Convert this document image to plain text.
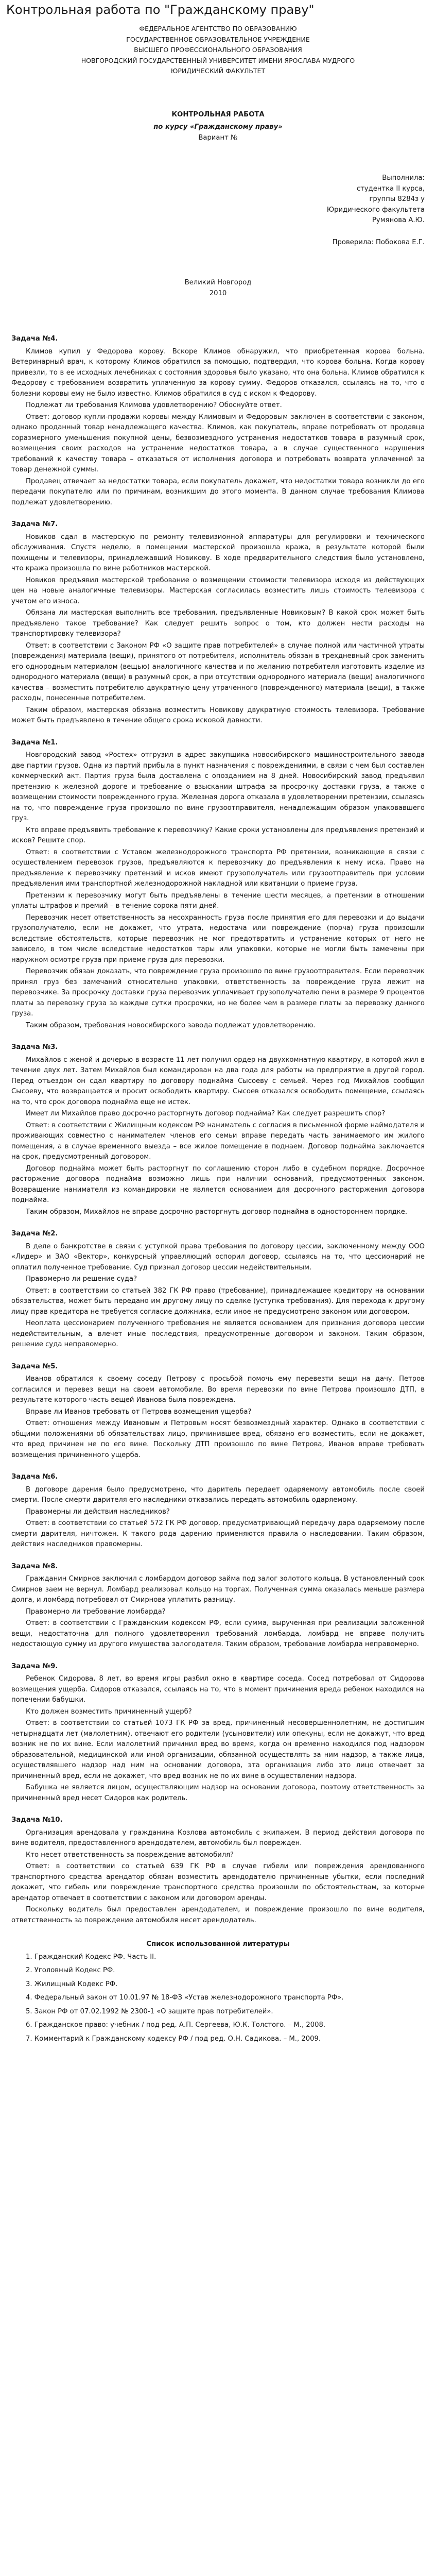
Контрольная работа по "Гражданскому праву"

ФЕДЕРАЛЬНОЕ АГЕНТСТВО ПО ОБРАЗОВАНИЮ

ГОСУДАРСТВЕННОЕ ОБРАЗОВАТЕЛЬНОЕ УЧРЕЖДЕНИЕ

ВЫСШЕГО ПРОФЕССИОНАЛЬНОГО ОБРАЗОВАНИЯ

НОВГОРОДСКИЙ ГОСУДАРСТВЕННЫЙ УНИВЕРСИТЕТ ИМЕНИ ЯРОСЛАВА МУДРОГО

ЮРИДИЧЕСКИЙ ФАКУЛЬТЕТ

КОНТРОЛЬНАЯ РАБОТА

по курсу «Гражданскому праву»

Вариант №

Выполнила:

студентка II курса,

группы 8284з у

Юридического факультета

Румянова А.Ю.

Проверила: Побокова Е.Г.

Великий Новгород

2010

Задача №4.

Климов купил у Федорова корову. Вскоре Климов обнаружил, что приобретенная корова больна. Ветеринарный врач, к которому Климов обратился за помощью, подтвердил, что корова больна. Когда корову привезли, то в ее исходных лечебниках с состояния здоровья было указано, что она больна. Климов обратился к Федорову с требованием возвратить уплаченную за корову сумму. Федоров отказался, ссылаясь на то, что о болезни коровы ему не было известно. Климов обратился в суд с иском к Федорову.

Подлежат ли требования Климова удовлетворению? Обоснуйте ответ.

Ответ: договор купли-продажи коровы между Климовым и Федоровым заключен в соответствии с законом, однако проданный товар ненадлежащего качества. Климов, как покупатель, вправе потребовать от продавца соразмерного уменьшения покупной цены, безвозмездного устранения недостатков товара в разумный срок, возмещения своих расходов на устранение недостатков товара, а в случае существенного нарушения требований к качеству товара – отказаться от исполнения договора и потребовать возврата уплаченной за товар денежной суммы.

Продавец отвечает за недостатки товара, если покупатель докажет, что недостатки товара возникли до его передачи покупателю или по причинам, возникшим до этого момента. В данном случае требования Климова подлежат удовлетворению.

Задача №7.

Новиков сдал в мастерскую по ремонту телевизионной аппаратуры для регулировки и технического обслуживания. Спустя неделю, в помещении мастерской произошла кража, в результате которой были похищены и телевизоры, принадлежавший Новикову. В ходе предварительного следствия было установлено, что кража произошла по вине работников мастерской.

Новиков предъявил мастерской требование о возмещении стоимости телевизора исходя из действующих цен на новые аналогичные телевизоры. Мастерская согласилась возместить лишь стоимость телевизора с учетом его износа.

Обязана ли мастерская выполнить все требования, предъявленные Новиковым? В какой срок может быть предъявлено такое требование? Как следует решить вопрос о том, кто должен нести расходы на транспортировку телевизора?

Ответ: в соответствии с Законом РФ «О защите прав потребителей» в случае полной или частичной утраты (повреждения) материала (вещи), принятого от потребителя, исполнитель обязан в трехдневный срок заменить его однородным материалом (вещью) аналогичного качества и по желанию потребителя изготовить изделие из однородного материала (вещи) в разумный срок, а при отсутствии однородного материала (вещи) аналогичного качества – возместить потребителю двукратную цену утраченного (поврежденного) материала (вещи), а также расходы, понесенные потребителем.

Таким образом, мастерская обязана возместить Новикову двукратную стоимость телевизора. Требование может быть предъявлено в течение общего срока исковой давности.

Задача №1.

Новгородский завод «Ростех» отгрузил в адрес закупщика новосибирского машиностроительного завода две партии грузов. Одна из партий прибыла в пункт назначения с повреждениями, в связи с чем был составлен коммерческий акт. Партия груза была доставлена с опозданием на 8 дней. Новосибирский завод предъявил претензию к железной дороге и требование о взыскании штрафа за просрочку доставки груза, а также о возмещении стоимости поврежденного груза. Железная дорога отказала в удовлетворении претензии, ссылаясь на то, что повреждение груза произошло по вине грузоотправителя, ненадлежащим образом упаковавшего груз.

Кто вправе предъявить требование к перевозчику? Какие сроки установлены для предъявления претензий и исков? Решите спор.

Ответ: в соответствии с Уставом железнодорожного транспорта РФ претензии, возникающие в связи с осуществлением перевозок грузов, предъявляются к перевозчику до предъявления к нему иска. Право на предъявление к перевозчику претензий и исков имеют грузополучатель или грузоотправитель при условии предъявления ими транспортной железнодорожной накладной или квитанции о приеме груза.

Претензии к перевозчику могут быть предъявлены в течение шести месяцев, а претензии в отношении уплаты штрафов и премий – в течение сорока пяти дней.

Перевозчик несет ответственность за несохранность груза после принятия его для перевозки и до выдачи грузополучателю, если не докажет, что утрата, недостача или повреждение (порча) груза произошли вследствие обстоятельств, которые перевозчик не мог предотвратить и устранение которых от него не зависело, в том числе вследствие недостатков тары или упаковки, которые не могли быть замечены при наружном осмотре груза при приеме груза для перевозки.

Перевозчик обязан доказать, что повреждение груза произошло по вине грузоотправителя. Если перевозчик принял груз без замечаний относительно упаковки, ответственность за повреждение груза лежит на перевозчике. За просрочку доставки груза перевозчик уплачивает грузополучателю пени в размере 9 процентов платы за перевозку груза за каждые сутки просрочки, но не более чем в размере платы за перевозку данного груза.

Таким образом, требования новосибирского завода подлежат удовлетворению.

Задача №3.

Михайлов с женой и дочерью в возрасте 11 лет получил ордер на двухкомнатную квартиру, в которой жил в течение двух лет. Затем Михайлов был командирован на два года для работы на предприятие в другой город. Перед отъездом он сдал квартиру по договору поднайма Сысоеву с семьей. Через год Михайлов сообщил Сысоеву, что возвращается и просит освободить квартиру. Сысоев отказался освободить помещение, ссылаясь на то, что срок договора поднайма еще не истек.

Имеет ли Михайлов право досрочно расторгнуть договор поднайма? Как следует разрешить спор?

Ответ: в соответствии с Жилищным кодексом РФ наниматель с согласия в письменной форме наймодателя и проживающих совместно с нанимателем членов его семьи вправе передать часть занимаемого им жилого помещения, а в случае временного выезда – все жилое помещение в поднаем. Договор поднайма заключается на срок, предусмотренный договором.

Договор поднайма может быть расторгнут по соглашению сторон либо в судебном порядке. Досрочное расторжение договора поднайма возможно лишь при наличии оснований, предусмотренных законом. Возвращение нанимателя из командировки не является основанием для досрочного расторжения договора поднайма.

Таким образом, Михайлов не вправе досрочно расторгнуть договор поднайма в одностороннем порядке.

Задача №2.

В деле о банкротстве в связи с уступкой права требования по договору цессии, заключенному между ООО «Лидер» и ЗАО «Вектор», конкурсный управляющий оспорил договор, ссылаясь на то, что цессионарий не оплатил полученное требование. Суд признал договор цессии недействительным.

Правомерно ли решение суда?

Ответ: в соответствии со статьей 382 ГК РФ право (требование), принадлежащее кредитору на основании обязательства, может быть передано им другому лицу по сделке (уступка требования). Для перехода к другому лицу прав кредитора не требуется согласие должника, если иное не предусмотрено законом или договором.

Неоплата цессионарием полученного требования не является основанием для признания договора цессии недействительным, а влечет иные последствия, предусмотренные договором и законом. Таким образом, решение суда неправомерно.

Задача №5.

Иванов обратился к своему соседу Петрову с просьбой помочь ему перевезти вещи на дачу. Петров согласился и перевез вещи на своем автомобиле. Во время перевозки по вине Петрова произошло ДТП, в результате которого часть вещей Иванова была повреждена.

Вправе ли Иванов требовать от Петрова возмещения ущерба?

Ответ: отношения между Ивановым и Петровым носят безвозмездный характер. Однако в соответствии с общими положениями об обязательствах лицо, причинившее вред, обязано его возместить, если не докажет, что вред причинен не по его вине. Поскольку ДТП произошло по вине Петрова, Иванов вправе требовать возмещения причиненного ущерба.

Задача №6.

В договоре дарения было предусмотрено, что даритель передает одаряемому автомобиль после своей смерти. После смерти дарителя его наследники отказались передать автомобиль одаряемому.

Правомерны ли действия наследников?

Ответ: в соответствии со статьей 572 ГК РФ договор, предусматривающий передачу дара одаряемому после смерти дарителя, ничтожен. К такого рода дарению применяются правила о наследовании. Таким образом, действия наследников правомерны.

Задача №8.

Гражданин Смирнов заключил с ломбардом договор займа под залог золотого кольца. В установленный срок Смирнов заем не вернул. Ломбард реализовал кольцо на торгах. Полученная сумма оказалась меньше размера долга, и ломбард потребовал от Смирнова уплатить разницу.

Правомерно ли требование ломбарда?

Ответ: в соответствии с Гражданским кодексом РФ, если сумма, вырученная при реализации заложенной вещи, недостаточна для полного удовлетворения требований ломбарда, ломбард не вправе получить недостающую сумму из другого имущества залогодателя. Таким образом, требование ломбарда неправомерно.

Задача №9.

Ребенок Сидорова, 8 лет, во время игры разбил окно в квартире соседа. Сосед потребовал от Сидорова возмещения ущерба. Сидоров отказался, ссылаясь на то, что в момент причинения вреда ребенок находился на попечении бабушки.

Кто должен возместить причиненный ущерб?

Ответ: в соответствии со статьей 1073 ГК РФ за вред, причиненный несовершеннолетним, не достигшим четырнадцати лет (малолетним), отвечают его родители (усыновители) или опекуны, если не докажут, что вред возник не по их вине. Если малолетний причинил вред во время, когда он временно находился под надзором образовательной, медицинской или иной организации, обязанной осуществлять за ним надзор, а также лица, осуществлявшего надзор над ним на основании договора, эта организация либо это лицо отвечает за причиненный вред, если не докажет, что вред возник не по их вине в осуществлении надзора.

Бабушка не является лицом, осуществляющим надзор на основании договора, поэтому ответственность за причиненный вред несет Сидоров как родитель.

Задача №10.

Организация арендовала у гражданина Козлова автомобиль с экипажем. В период действия договора по вине водителя, предоставленного арендодателем, автомобиль был поврежден.

Кто несет ответственность за повреждение автомобиля?

Ответ: в соответствии со статьей 639 ГК РФ в случае гибели или повреждения арендованного транспортного средства арендатор обязан возместить арендодателю причиненные убытки, если последний докажет, что гибель или повреждение транспортного средства произошли по обстоятельствам, за которые арендатор отвечает в соответствии с законом или договором аренды.

Поскольку водитель был предоставлен арендодателем, и повреждение произошло по вине водителя, ответственность за повреждение автомобиля несет арендодатель.

Список использованной литературы

1. Гражданский Кодекс РФ. Часть II.

2. Уголовный Кодекс РФ.

3. Жилищный Кодекс РФ.

4. Федеральный закон от 10.01.97 № 18-ФЗ «Устав железнодорожного транспорта РФ».

5. Закон РФ от 07.02.1992 № 2300-1 «О защите прав потребителей».

6. Гражданское право: учебник / под ред. А.П. Сергеева, Ю.К. Толстого. – М., 2008.

7. Комментарий к Гражданскому кодексу РФ / под ред. О.Н. Садикова. – М., 2009.
